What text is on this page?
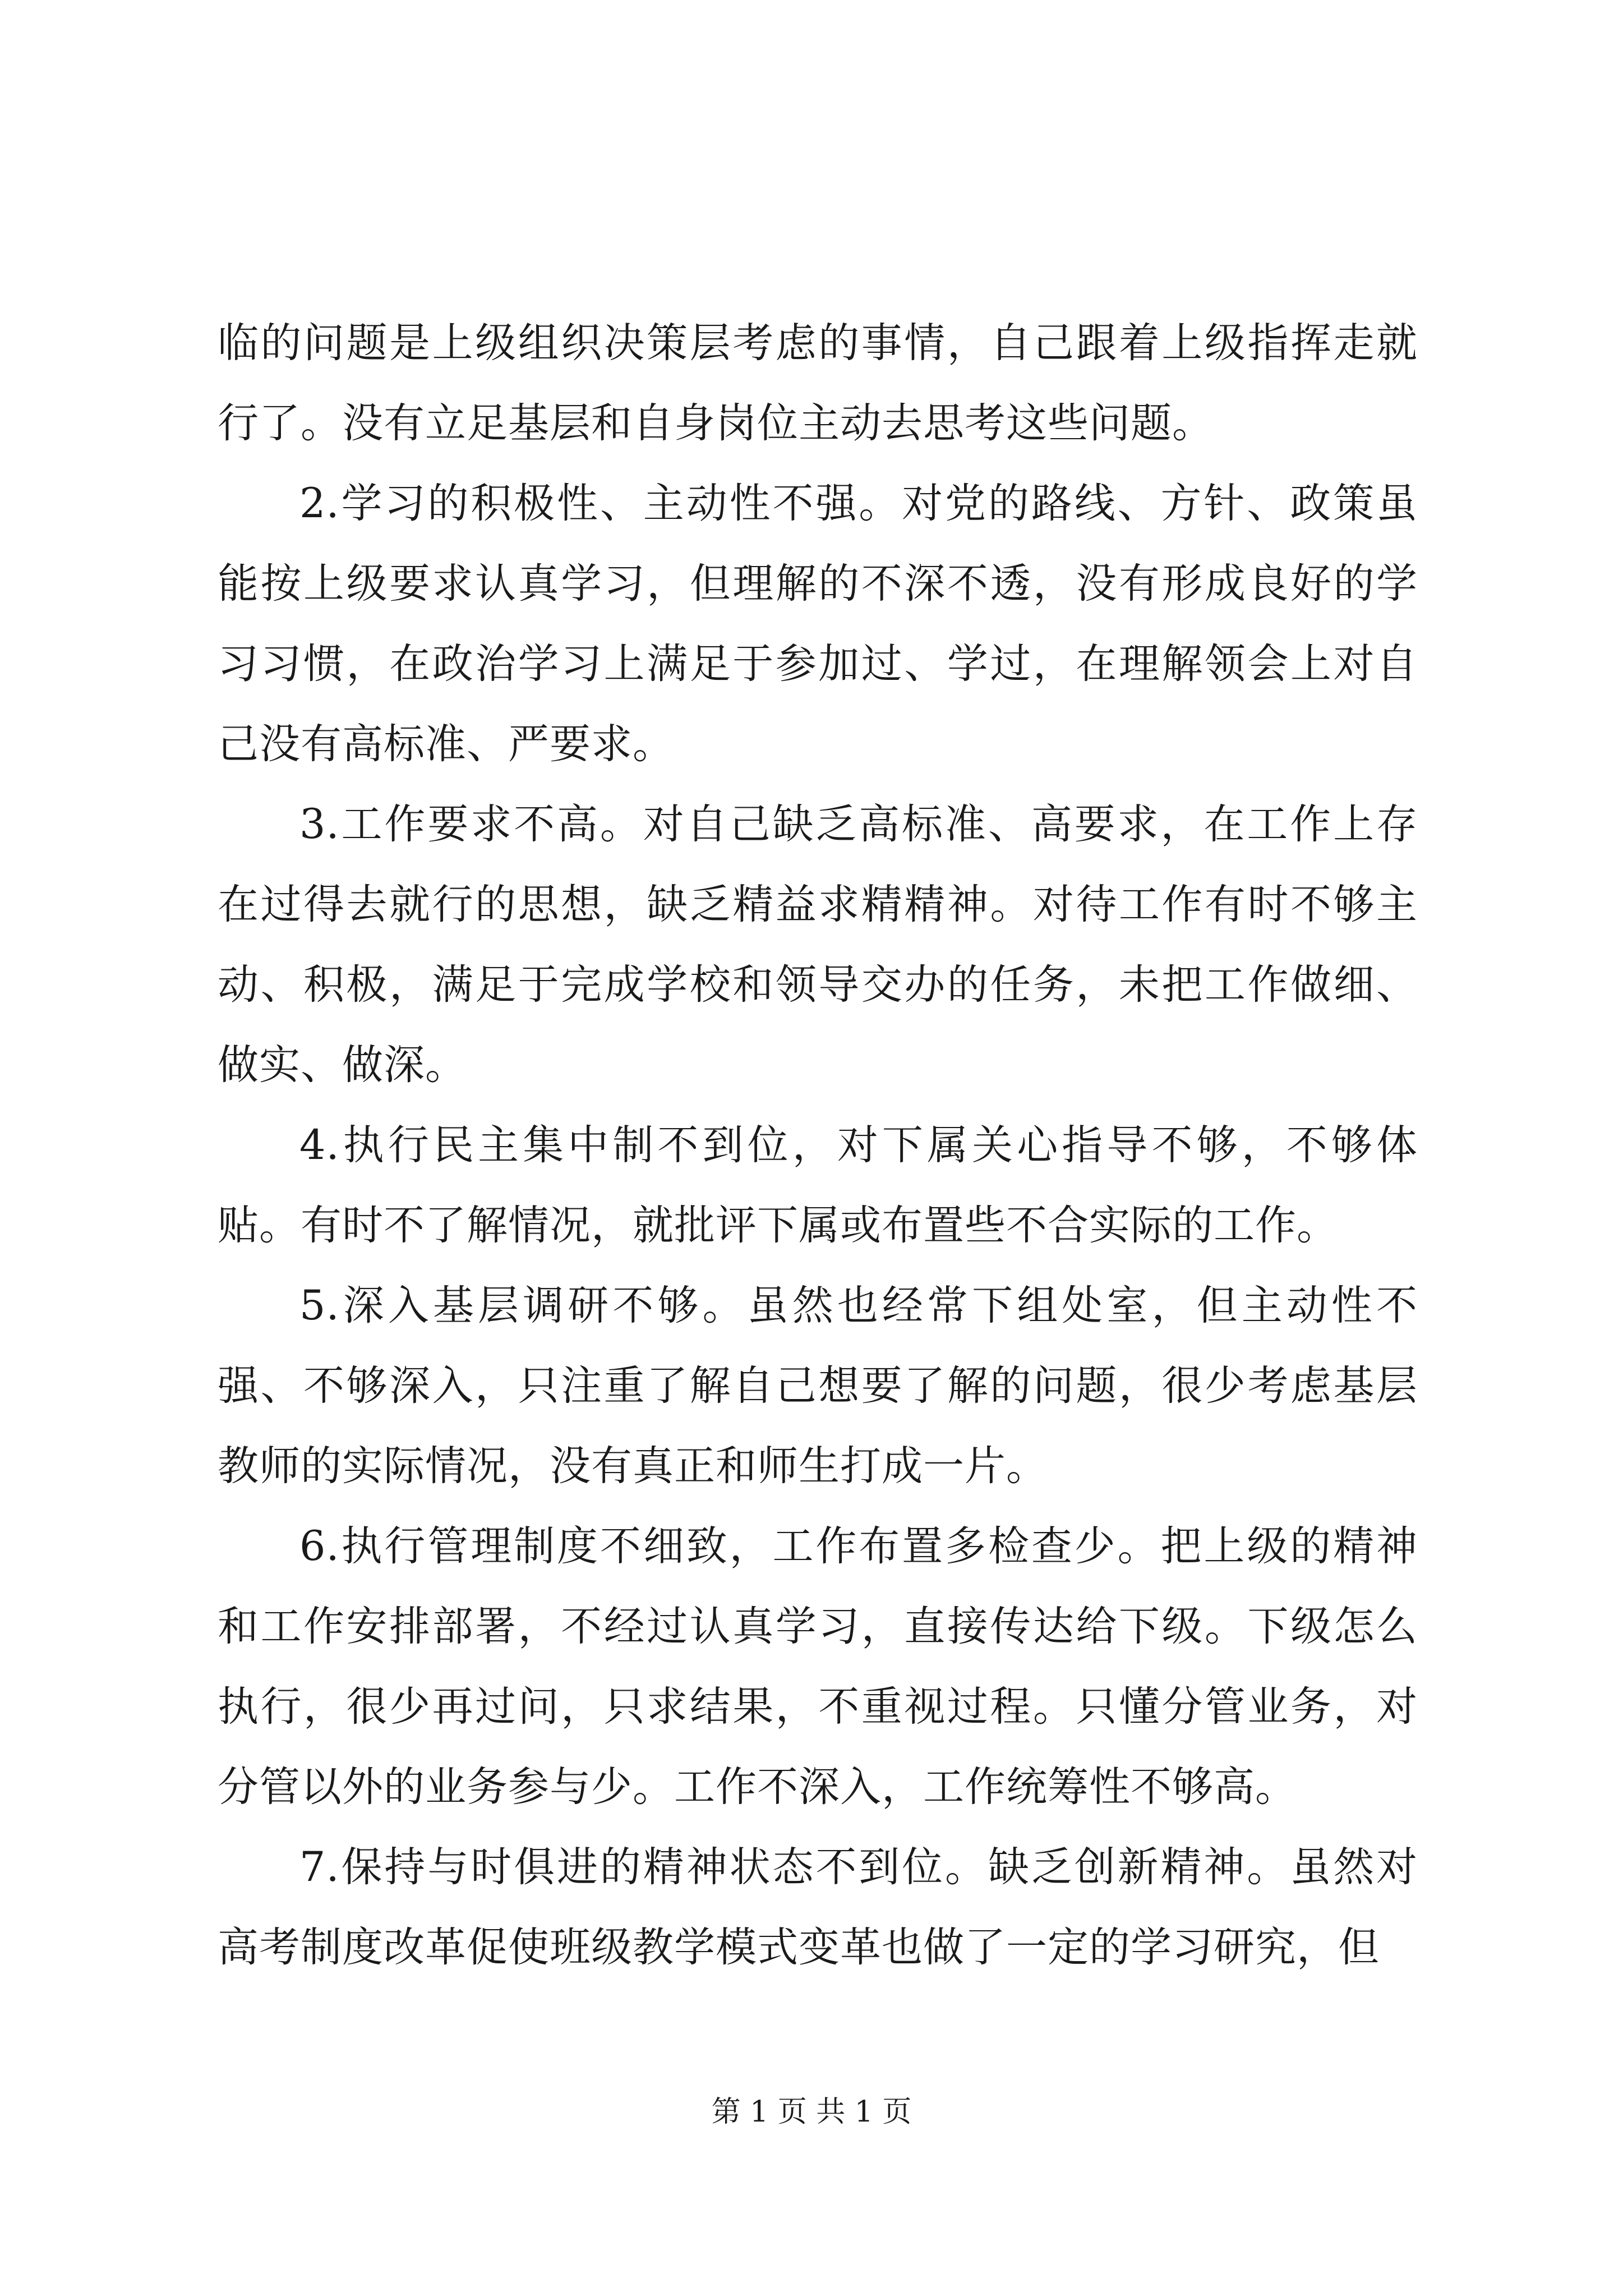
临的问题是上级组织决策层考虑的事情，自己跟着上级指挥走就行了。没有立足基层和自身岗位主动去思考这些问题。

2.学习的积极性、主动性不强。对党的路线、方针、政策虽能按上级要求认真学习，但理解的不深不透，没有形成良好的学习习惯，在政治学习上满足于参加过、学过，在理解领会上对自己没有高标准、严要求。

3.工作要求不高。对自己缺乏高标准、高要求，在工作上存在过得去就行的思想，缺乏精益求精精神。对待工作有时不够主动、积极，满足于完成学校和领导交办的任务，未把工作做细、做实、做深。

4.执行民主集中制不到位，对下属关心指导不够，不够体贴。有时不了解情况，就批评下属或布置些不合实际的工作。

5.深入基层调研不够。虽然也经常下组处室，但主动性不强、不够深入，只注重了解自己想要了解的问题，很少考虑基层教师的实际情况，没有真正和师生打成一片。

6.执行管理制度不细致，工作布置多检查少。把上级的精神和工作安排部署，不经过认真学习，直接传达给下级。下级怎么执行，很少再过问，只求结果，不重视过程。只懂分管业务，对分管以外的业务参与少。工作不深入，工作统筹性不够高。

7.保持与时俱进的精神状态不到位。缺乏创新精神。虽然对高考制度改革促使班级教学模式变革也做了一定的学习研究，但

第 1 页 共 1 页
